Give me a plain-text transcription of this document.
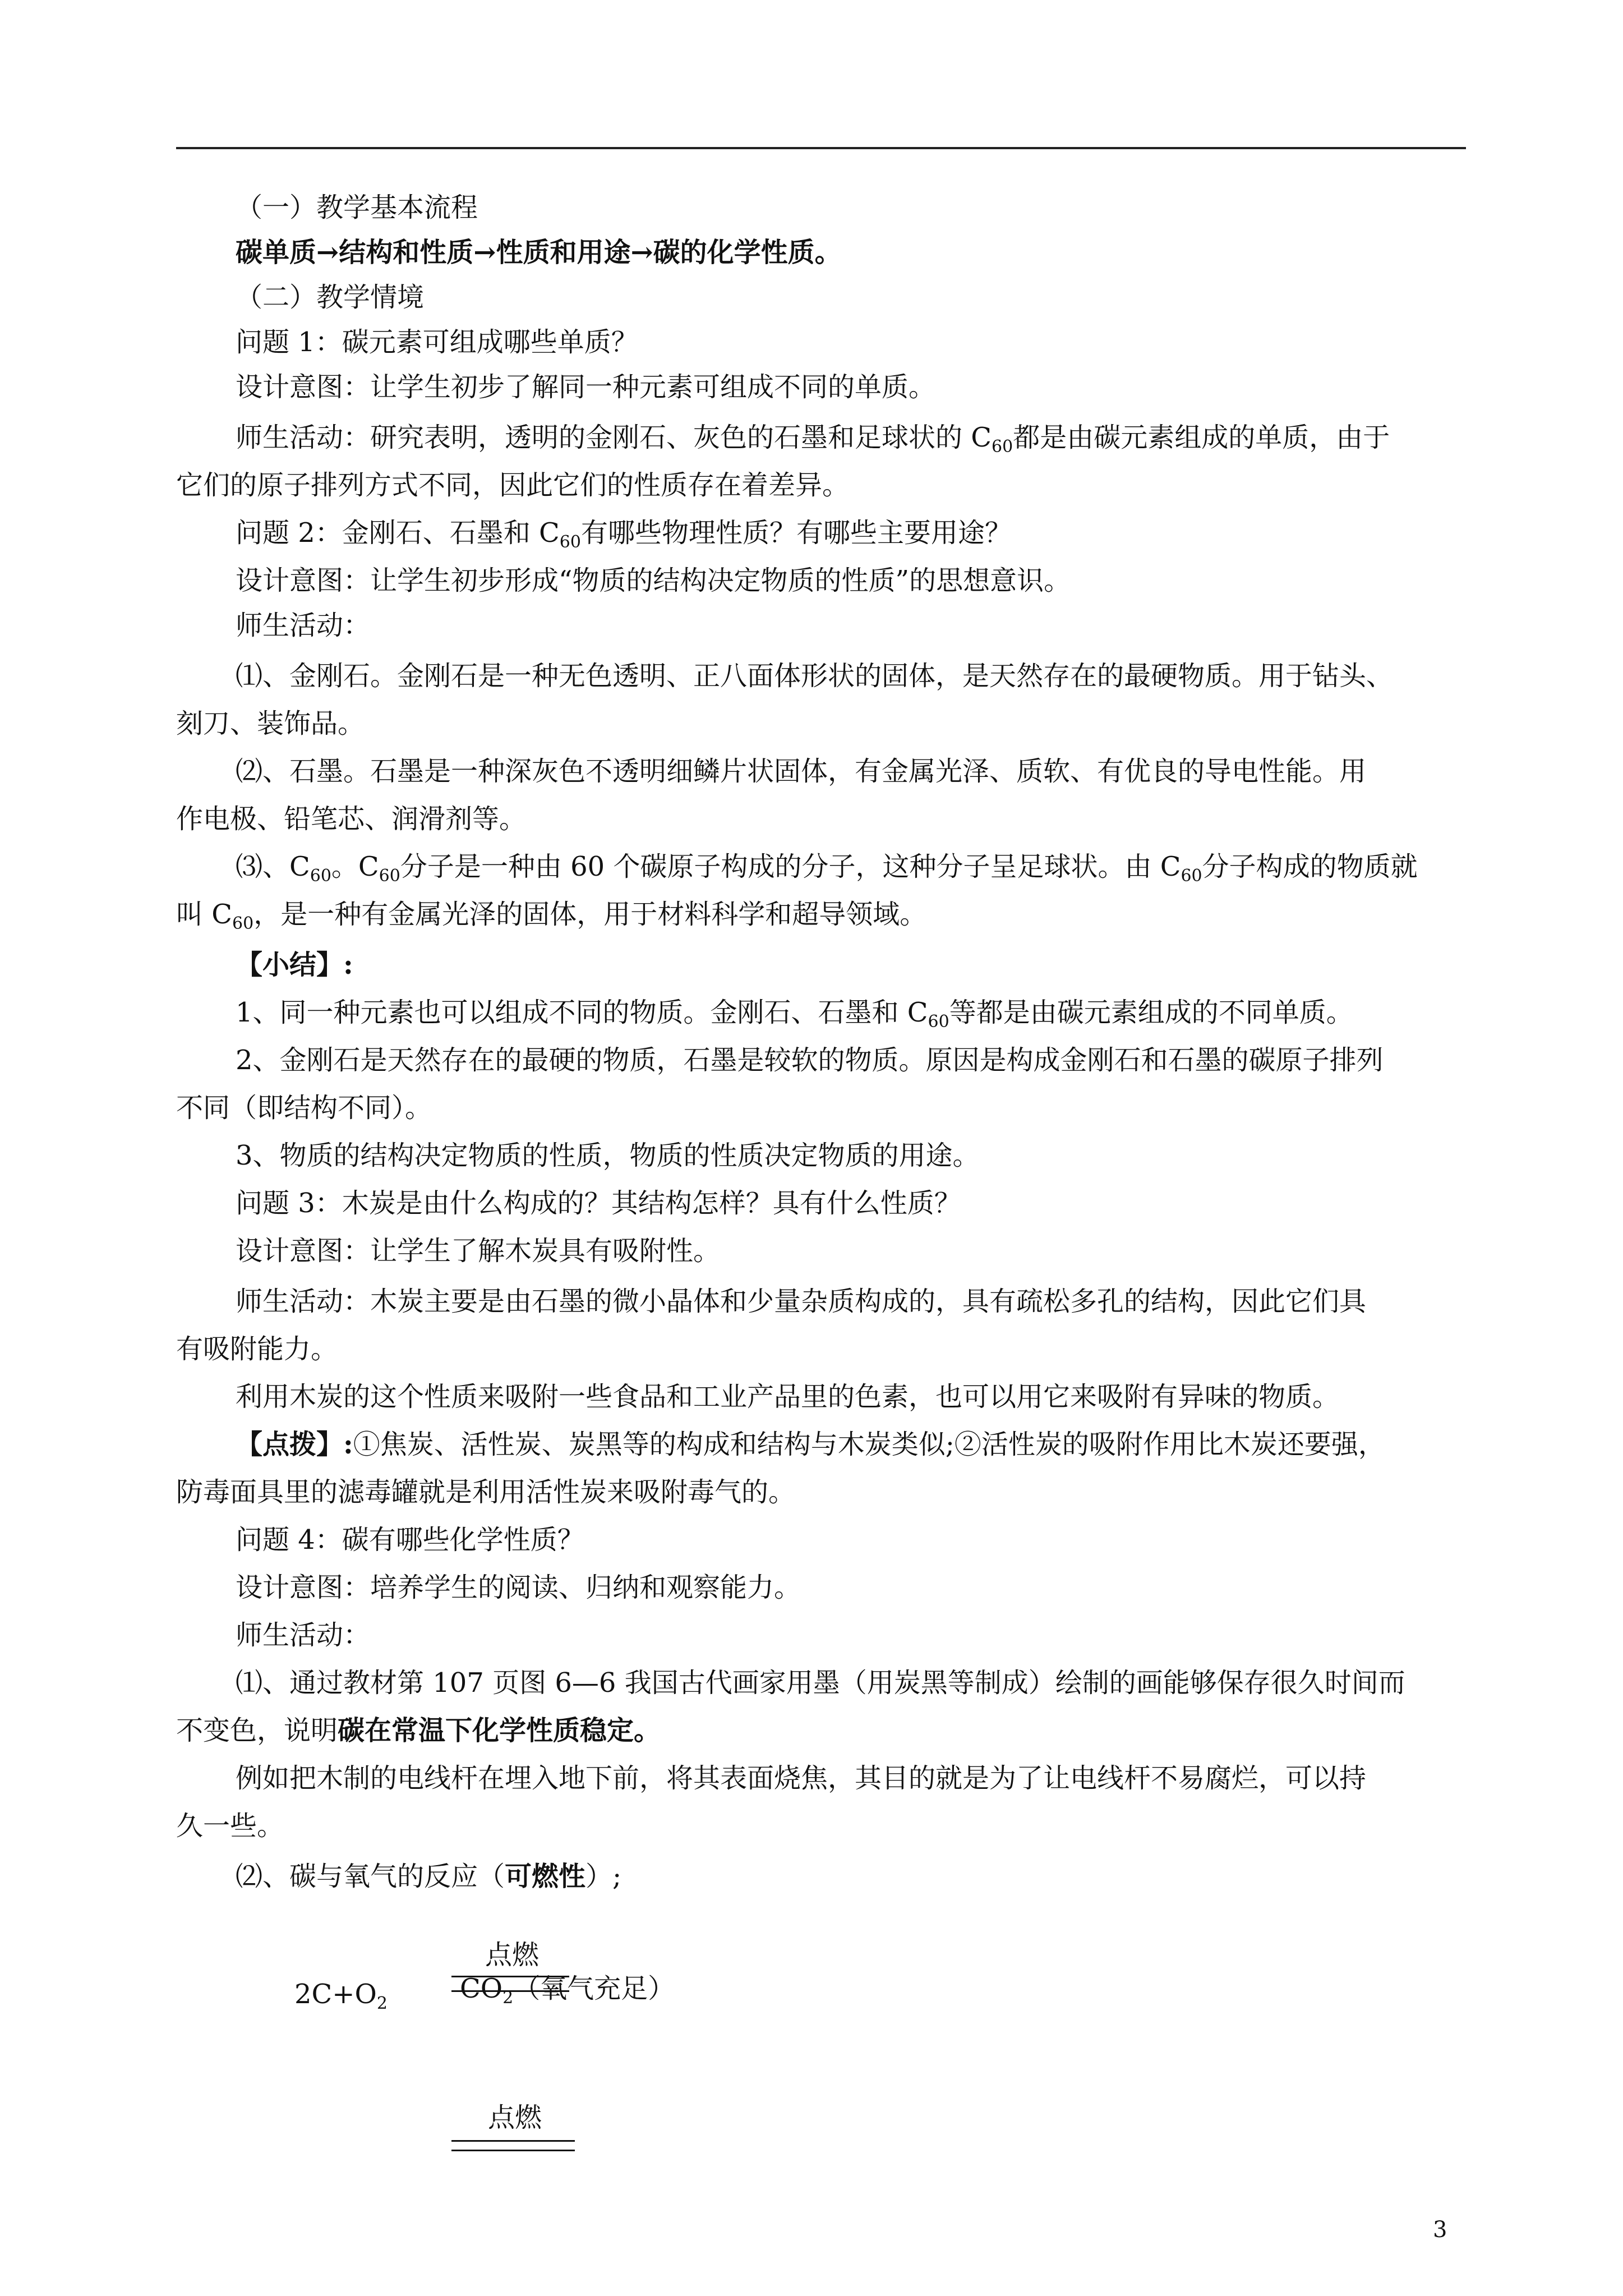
（一）教学基本流程
碳单质→结构和性质→性质和用途→碳的化学性质。
（二）教学情境
问题 1：碳元素可组成哪些单质？
设计意图：让学生初步了解同一种元素可组成不同的单质。
师生活动：研究表明，透明的金刚石、灰色的石墨和足球状的 $C_{60}$都是由碳元素组成的单质，由于
它们的原子排列方式不同，因此它们的性质存在着差异。
问题 2：金刚石、石墨和 $C_{60}$有哪些物理性质？有哪些主要用途？
设计意图：让学生初步形成“物质的结构决定物质的性质”的思想意识。
师生活动：
⑴、金刚石。金刚石是一种无色透明、正八面体形状的固体，是天然存在的最硬物质。用于钻头、
刻刀、装饰品。
⑵、石墨。石墨是一种深灰色不透明细鳞片状固体，有金属光泽、质软、有优良的导电性能。用
作电极、铅笔芯、润滑剂等。
⑶、$C_{60}$。$C_{60}$分子是一种由 60 个碳原子构成的分子，这种分子呈足球状。由 $C_{60}$分子构成的物质就
叫 $C_{60}$，是一种有金属光泽的固体，用于材料科学和超导领域。
【小结】:
1、同一种元素也可以组成不同的物质。金刚石、石墨和 $C_{60}$等都是由碳元素组成的不同单质。
2、金刚石是天然存在的最硬的物质，石墨是较软的物质。原因是构成金刚石和石墨的碳原子排列
不同（即结构不同）。
3、物质的结构决定物质的性质，物质的性质决定物质的用途。
问题 3：木炭是由什么构成的？其结构怎样？具有什么性质？
设计意图：让学生了解木炭具有吸附性。
师生活动：木炭主要是由石墨的微小晶体和少量杂质构成的，具有疏松多孔的结构，因此它们具
有吸附能力。
利用木炭的这个性质来吸附一些食品和工业产品里的色素，也可以用它来吸附有异味的物质。
【点拨】:①焦炭、活性炭、炭黑等的构成和结构与木炭类似;②活性炭的吸附作用比木炭还要强，
防毒面具里的滤毒罐就是利用活性炭来吸附毒气的。
问题 4：碳有哪些化学性质？
设计意图：培养学生的阅读、归纳和观察能力。
师生活动：
⑴、通过教材第 107 页图 6—6 我国古代画家用墨（用炭黑等制成）绘制的画能够保存很久时间而
不变色，说明碳在常温下化学性质稳定。
例如把木制的电线杆在埋入地下前，将其表面烧焦，其目的就是为了让电线杆不易腐烂，可以持
久一些。
⑵、碳与氧气的反应（可燃性）;
$2C+O_2$
点燃
$CO_2$（氧气充足）
点燃
3
